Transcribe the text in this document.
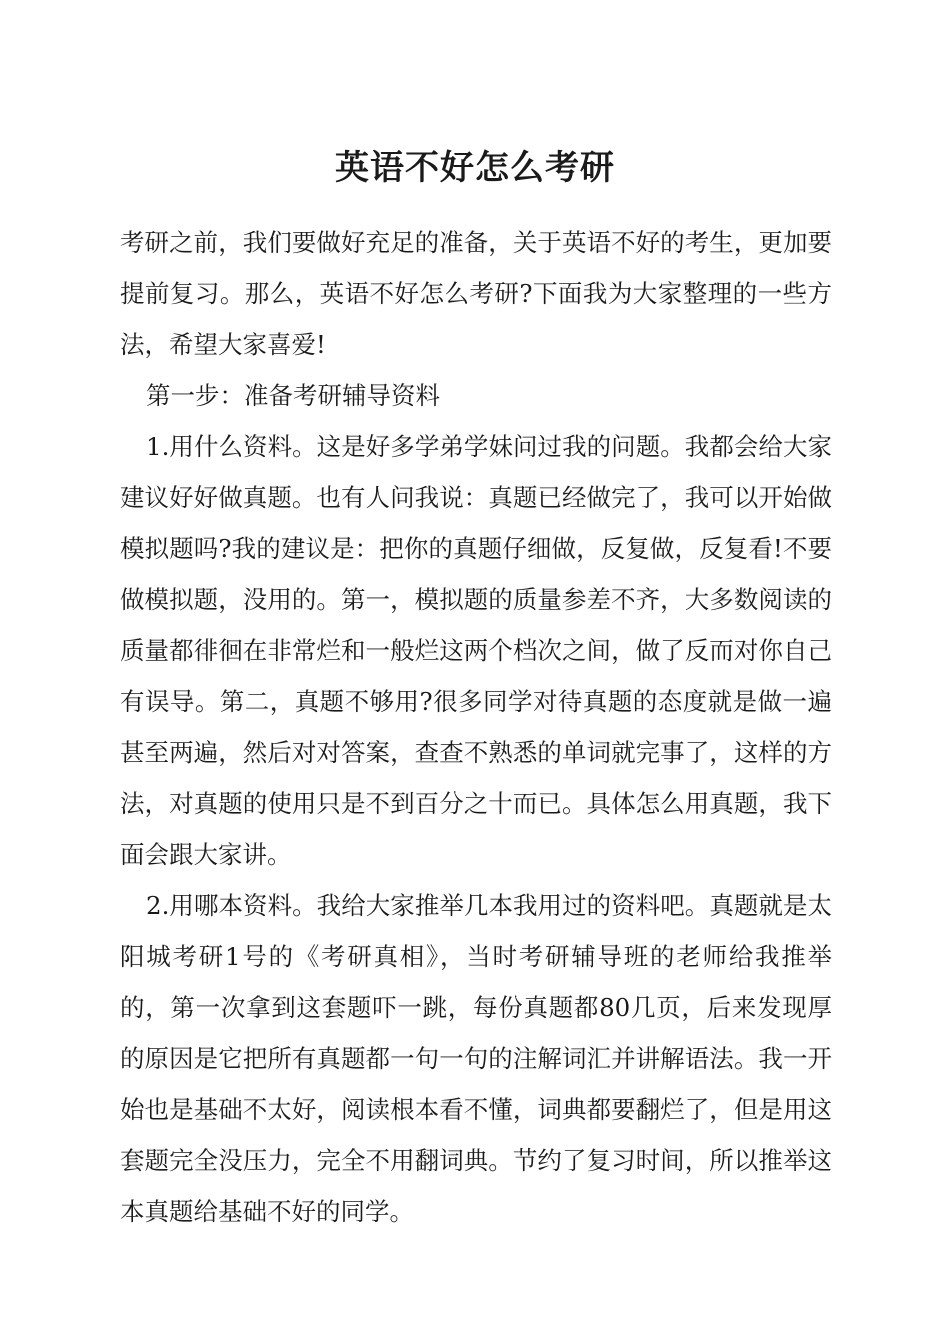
英语不好怎么考研

考研之前，我们要做好充足的准备，关于英语不好的考生，更加要提前复习。那么，英语不好怎么考研?下面我为大家整理的一些方法，希望大家喜爱!

第一步：准备考研辅导资料

1.用什么资料。这是好多学弟学妹问过我的问题。我都会给大家建议好好做真题。也有人问我说：真题已经做完了，我可以开始做模拟题吗?我的建议是：把你的真题仔细做，反复做，反复看!不要做模拟题，没用的。第一，模拟题的质量参差不齐，大多数阅读的质量都徘徊在非常烂和一般烂这两个档次之间，做了反而对你自己有误导。第二，真题不够用?很多同学对待真题的态度就是做一遍甚至两遍，然后对对答案，查查不熟悉的单词就完事了，这样的方法，对真题的使用只是不到百分之十而已。具体怎么用真题，我下面会跟大家讲。

2.用哪本资料。我给大家推举几本我用过的资料吧。真题就是太阳城考研1号的《考研真相》，当时考研辅导班的老师给我推举的，第一次拿到这套题吓一跳，每份真题都80几页，后来发现厚的原因是它把所有真题都一句一句的注解词汇并讲解语法。我一开始也是基础不太好，阅读根本看不懂，词典都要翻烂了，但是用这套题完全没压力，完全不用翻词典。节约了复习时间，所以推举这本真题给基础不好的同学。
